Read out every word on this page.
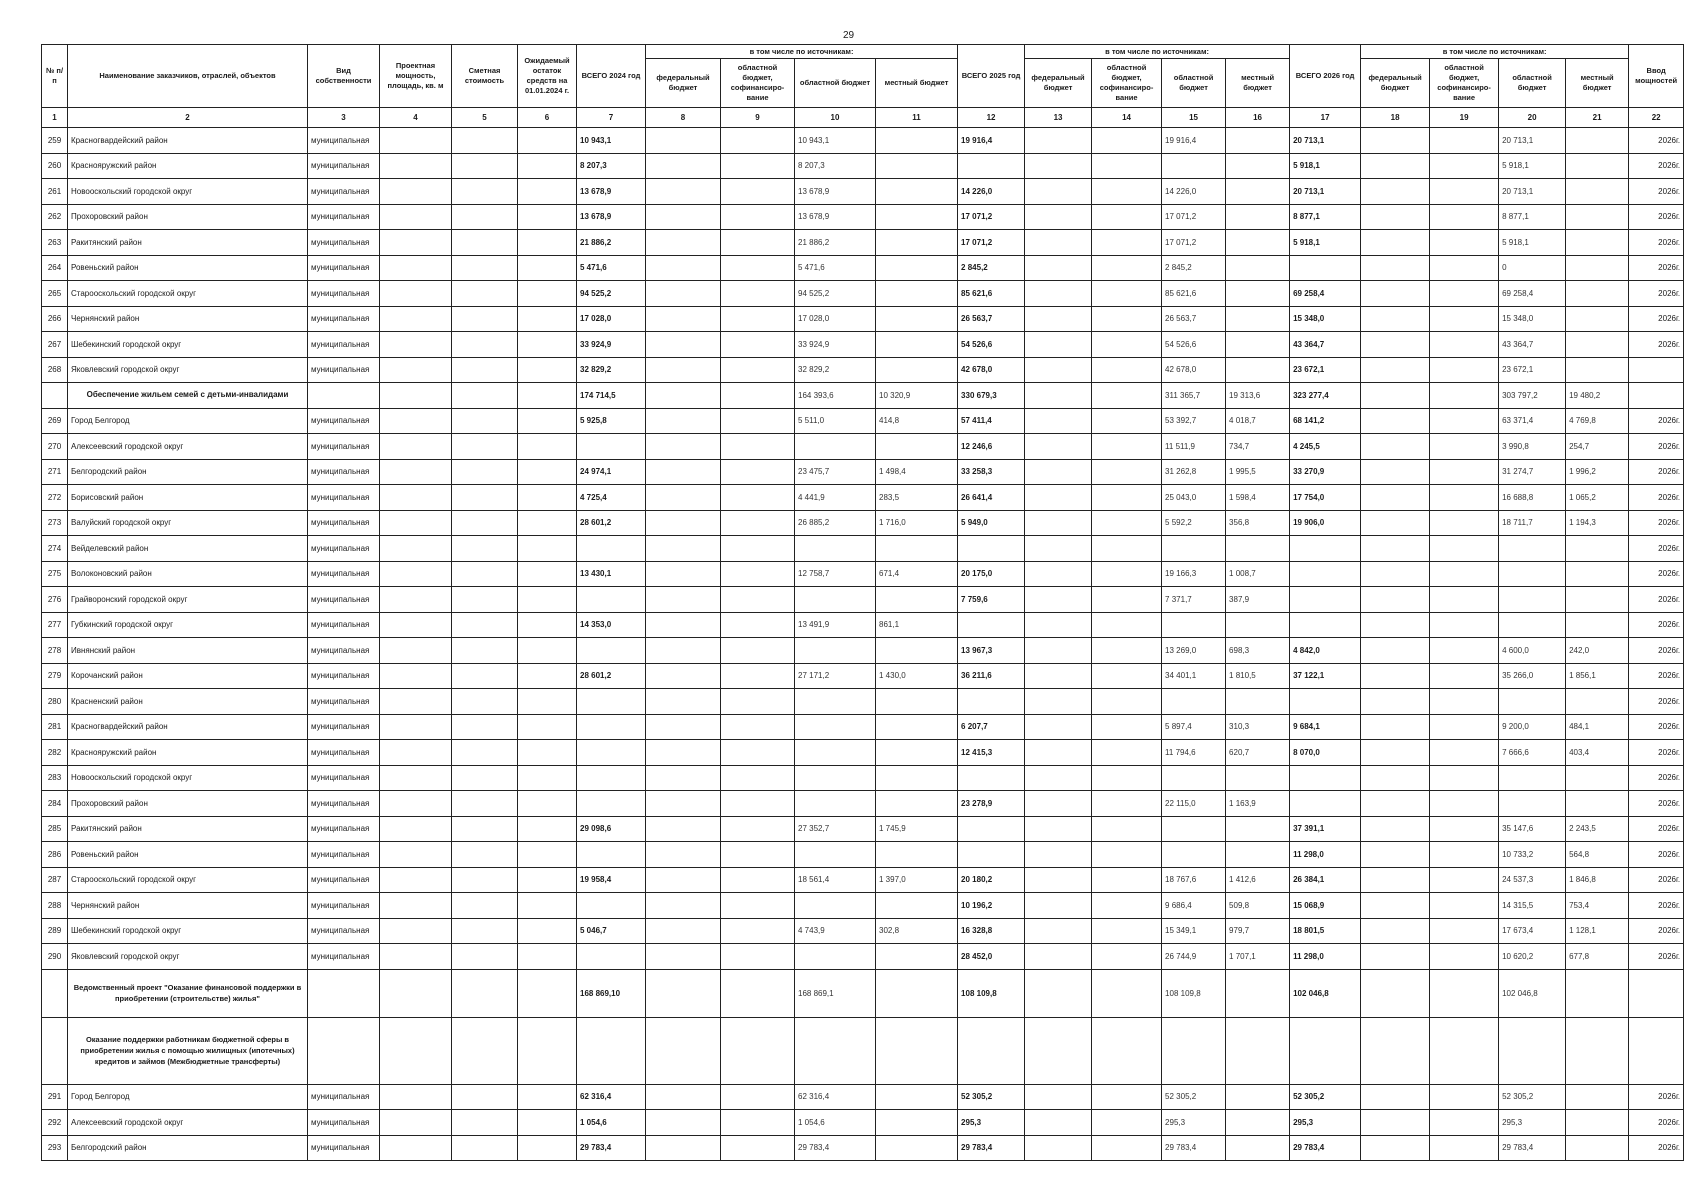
29
№ п/п	Наименование заказчиков, отраслей, объектов	Вид собственности	Проектная мощность, площадь, кв. м	Сметная стоимость	Ожидаемый остаток средств на 01.01.2024 г.	ВСЕГО 2024 год	в том числе по источникам:				ВСЕГО 2025 год	в том числе по источникам:				ВСЕГО 2026 год	в том числе по источникам:				Ввод мощностей
							федеральный бюджет	областной бюджет, софинансиро- вание	областной бюджет	местный бюджет		федеральный бюджет	областной бюджет, софинансиро- вание	областной бюджет	местный бюджет		федеральный бюджет	областной бюджет, софинансиро- вание	областной бюджет	местный бюджет	
1	2	3	4	5	6	7	8	9	10	11	12	13	14	15	16	17	18	19	20	21	22
259	Красногвардейский район	муниципальная				10 943,1			10 943,1		19 916,4			19 916,4		20 713,1			20 713,1		2026г.
260	Краснояружский район	муниципальная				8 207,3			8 207,3							5 918,1			5 918,1		2026г.
261	Новооскольский городской округ	муниципальная				13 678,9			13 678,9		14 226,0			14 226,0		20 713,1			20 713,1		2026г.
262	Прохоровский район	муниципальная				13 678,9			13 678,9		17 071,2			17 071,2		8 877,1			8 877,1		2026г.
263	Ракитянский район	муниципальная				21 886,2			21 886,2		17 071,2			17 071,2		5 918,1			5 918,1		2026г.
264	Ровеньский район	муниципальная				5 471,6			5 471,6		2 845,2			2 845,2					0		2026г.
265	Старооскольский городской округ	муниципальная				94 525,2			94 525,2		85 621,6			85 621,6		69 258,4			69 258,4		2026г.
266	Чернянский район	муниципальная				17 028,0			17 028,0		26 563,7			26 563,7		15 348,0			15 348,0		2026г.
267	Шебекинский городской округ	муниципальная				33 924,9			33 924,9		54 526,6			54 526,6		43 364,7			43 364,7		2026г.
268	Яковлевский городской округ	муниципальная				32 829,2			32 829,2		42 678,0			42 678,0		23 672,1			23 672,1		
	Обеспечение жильем семей с детьми-инвалидами					174 714,5			164 393,6	10 320,9	330 679,3			311 365,7	19 313,6	323 277,4			303 797,2	19 480,2	
269	Город Белгород	муниципальная				5 925,8			5 511,0	414,8	57 411,4			53 392,7	4 018,7	68 141,2			63 371,4	4 769,8	2026г.
270	Алексеевский городской округ	муниципальная									12 246,6			11 511,9	734,7	4 245,5			3 990,8	254,7	2026г.
271	Белгородский район	муниципальная				24 974,1			23 475,7	1 498,4	33 258,3			31 262,8	1 995,5	33 270,9			31 274,7	1 996,2	2026г.
272	Борисовский район	муниципальная				4 725,4			4 441,9	283,5	26 641,4			25 043,0	1 598,4	17 754,0			16 688,8	1 065,2	2026г.
273	Валуйский городской округ	муниципальная				28 601,2			26 885,2	1 716,0	5 949,0			5 592,2	356,8	19 906,0			18 711,7	1 194,3	2026г.
274	Вейделевский район	муниципальная																			2026г.
275	Волоконовский район	муниципальная				13 430,1			12 758,7	671,4	20 175,0			19 166,3	1 008,7						2026г.
276	Грайворонский городской округ	муниципальная									7 759,6			7 371,7	387,9						2026г.
277	Губкинский городской округ	муниципальная				14 353,0			13 491,9	861,1											2026г.
278	Ивнянский район	муниципальная									13 967,3			13 269,0	698,3	4 842,0			4 600,0	242,0	2026г.
279	Корочанский район	муниципальная				28 601,2			27 171,2	1 430,0	36 211,6			34 401,1	1 810,5	37 122,1			35 266,0	1 856,1	2026г.
280	Красненский район	муниципальная																			2026г.
281	Красногвардейский район	муниципальная									6 207,7			5 897,4	310,3	9 684,1			9 200,0	484,1	2026г.
282	Краснояружский район	муниципальная									12 415,3			11 794,6	620,7	8 070,0			7 666,6	403,4	2026г.
283	Новооскольский городской округ	муниципальная																			2026г.
284	Прохоровский район	муниципальная									23 278,9			22 115,0	1 163,9						2026г.
285	Ракитянский район	муниципальная				29 098,6			27 352,7	1 745,9						37 391,1			35 147,6	2 243,5	2026г.
286	Ровеньский район	муниципальная														11 298,0			10 733,2	564,8	2026г.
287	Старооскольский городской округ	муниципальная				19 958,4			18 561,4	1 397,0	20 180,2			18 767,6	1 412,6	26 384,1			24 537,3	1 846,8	2026г.
288	Чернянский район	муниципальная									10 196,2			9 686,4	509,8	15 068,9			14 315,5	753,4	2026г.
289	Шебекинский городской округ	муниципальная				5 046,7			4 743,9	302,8	16 328,8			15 349,1	979,7	18 801,5			17 673,4	1 128,1	2026г.
290	Яковлевский городской округ	муниципальная									28 452,0			26 744,9	1 707,1	11 298,0			10 620,2	677,8	2026г.
	Ведомственный проект "Оказание финансовой поддержки в приобретении (строительстве) жилья"					168 869,10			168 869,1		108 109,8			108 109,8		102 046,8			102 046,8		
	Оказание поддержки работникам бюджетной сферы в приобретении жилья с помощью жилищных (ипотечных) кредитов и займов (Межбюджетные трансферты)																				
291	Город Белгород	муниципальная				62 316,4			62 316,4		52 305,2			52 305,2		52 305,2			52 305,2		2026г.
292	Алексеевский городской округ	муниципальная				1 054,6			1 054,6		295,3			295,3		295,3			295,3		2026г.
293	Белгородский район	муниципальная				29 783,4			29 783,4		29 783,4			29 783,4		29 783,4			29 783,4		2026г.
